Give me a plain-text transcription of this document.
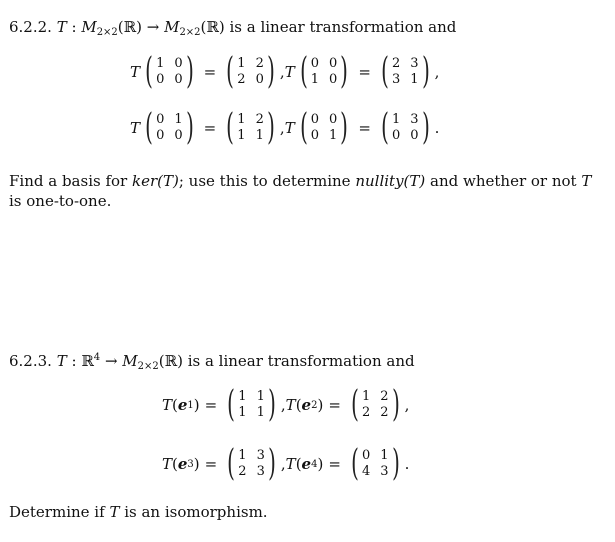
6.2.2. T : $M_{2\times 2}(ℝ)$ → $M_{2\times 2}(ℝ)$ is a linear transformation and
T ( 1 0
0 0 ) = ( 1 2
2 0 ) , T ( 0 0
1 0 ) = ( 2 3
3 1 ) ,
T ( 0 1
0 0 ) = ( 1 2
1 1 ) , T ( 0 0
0 1 ) = ( 1 3
0 0 ) .
Find a basis for ker(T); use this to determine nullity(T) and whether or not T
is one-to-one.
6.2.3. T : ℝ$^4$ → $M_{2\times 2}(ℝ)$ is a linear transformation and
T ( e 1 ) = ( 1 1
1 1 ) , T ( e 2 ) = ( 1 2
2 2 ) ,
T ( e 3 ) = ( 1 3
2 3 ) , T ( e 4 ) = ( 0 1
4 3 ) .
Determine if T is an isomorphism.
